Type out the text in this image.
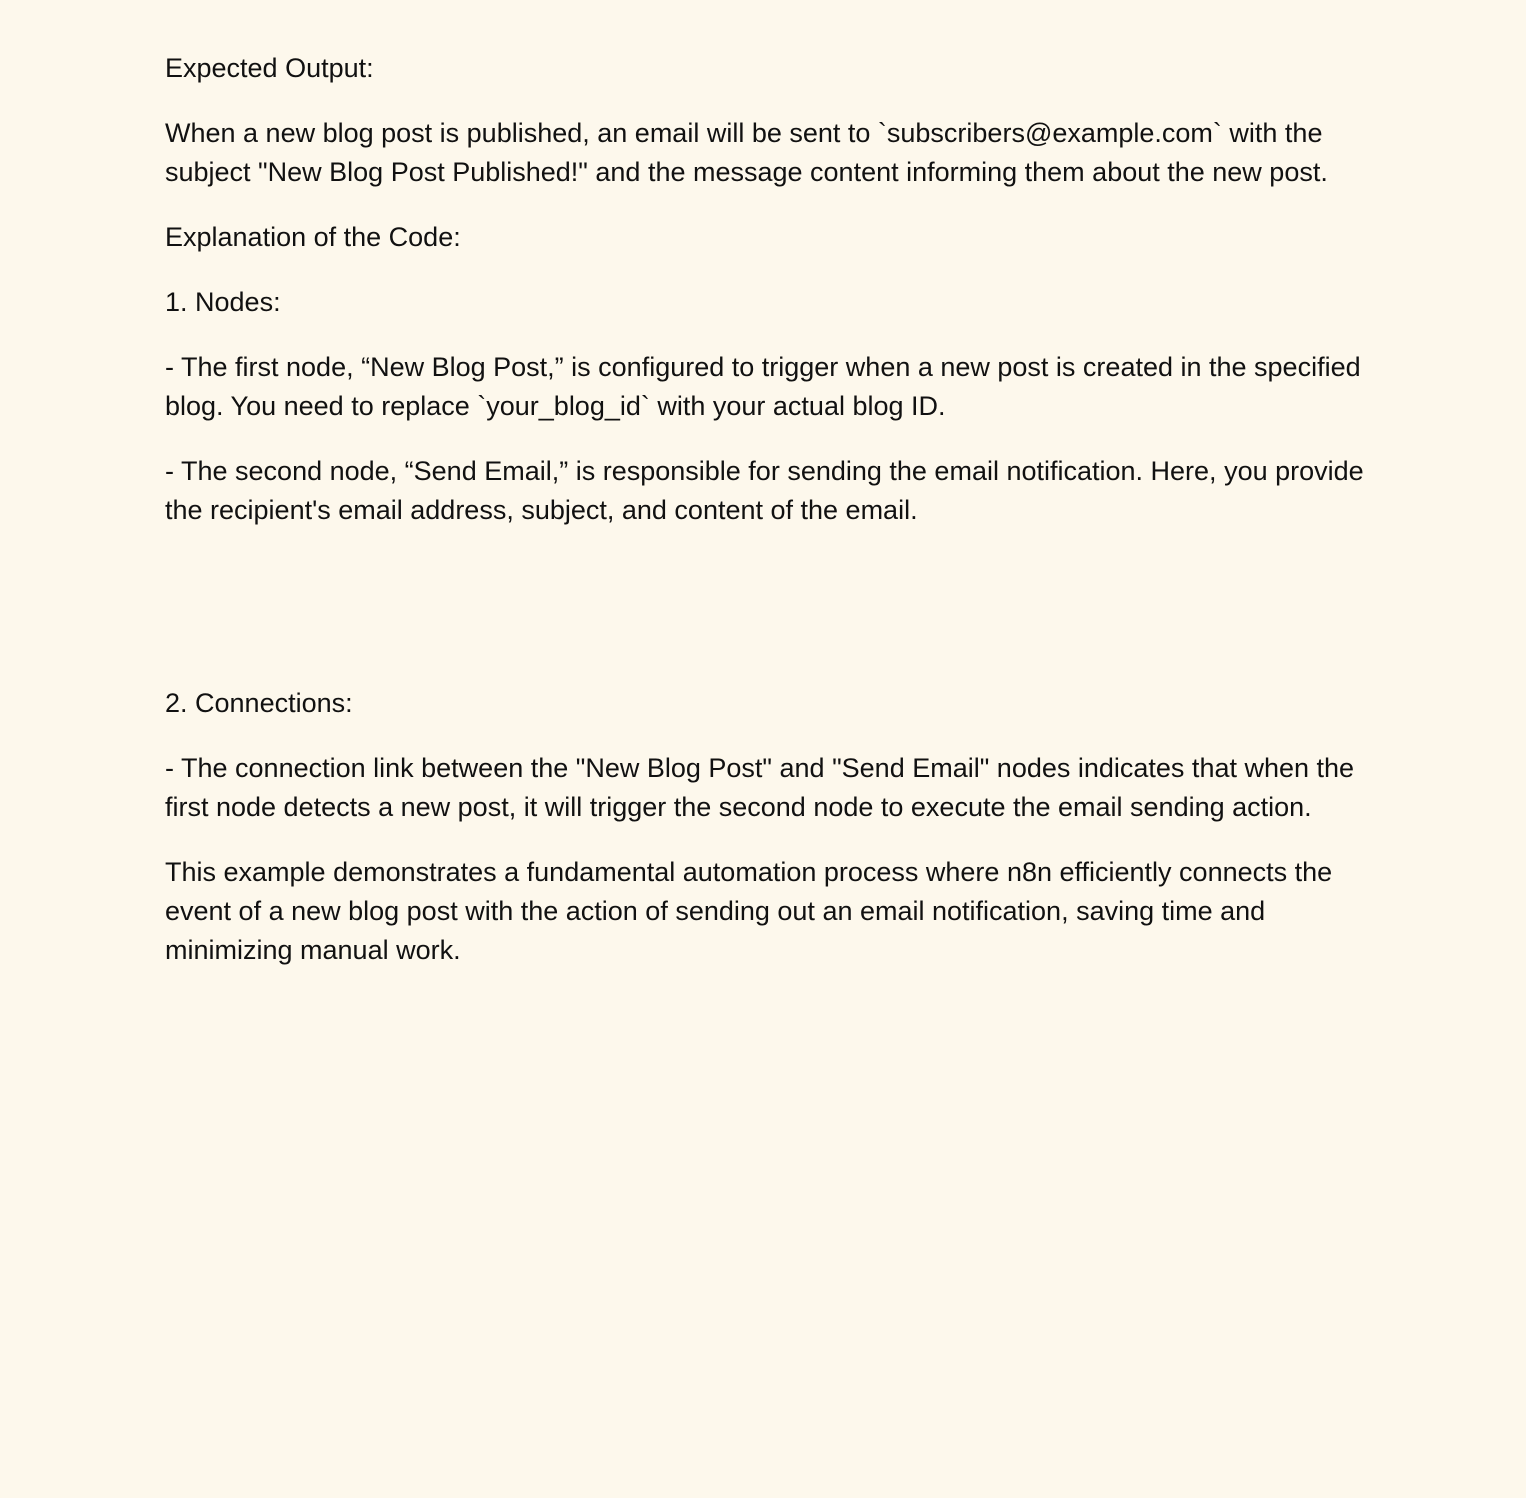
Expected Output:

When a new blog post is published, an email will be sent to `subscribers@example.com` with the subject "New Blog Post Published!" and the message content informing them about the new post.

Explanation of the Code:

1. Nodes:

- The first node, “New Blog Post,” is configured to trigger when a new post is created in the specified blog. You need to replace `your_blog_id` with your actual blog ID.

- The second node, “Send Email,” is responsible for sending the email notification. Here, you provide the recipient's email address, subject, and content of the email.

2. Connections:

- The connection link between the "New Blog Post" and "Send Email" nodes indicates that when the first node detects a new post, it will trigger the second node to execute the email sending action.

This example demonstrates a fundamental automation process where n8n efficiently connects the event of a new blog post with the action of sending out an email notification, saving time and minimizing manual work.
